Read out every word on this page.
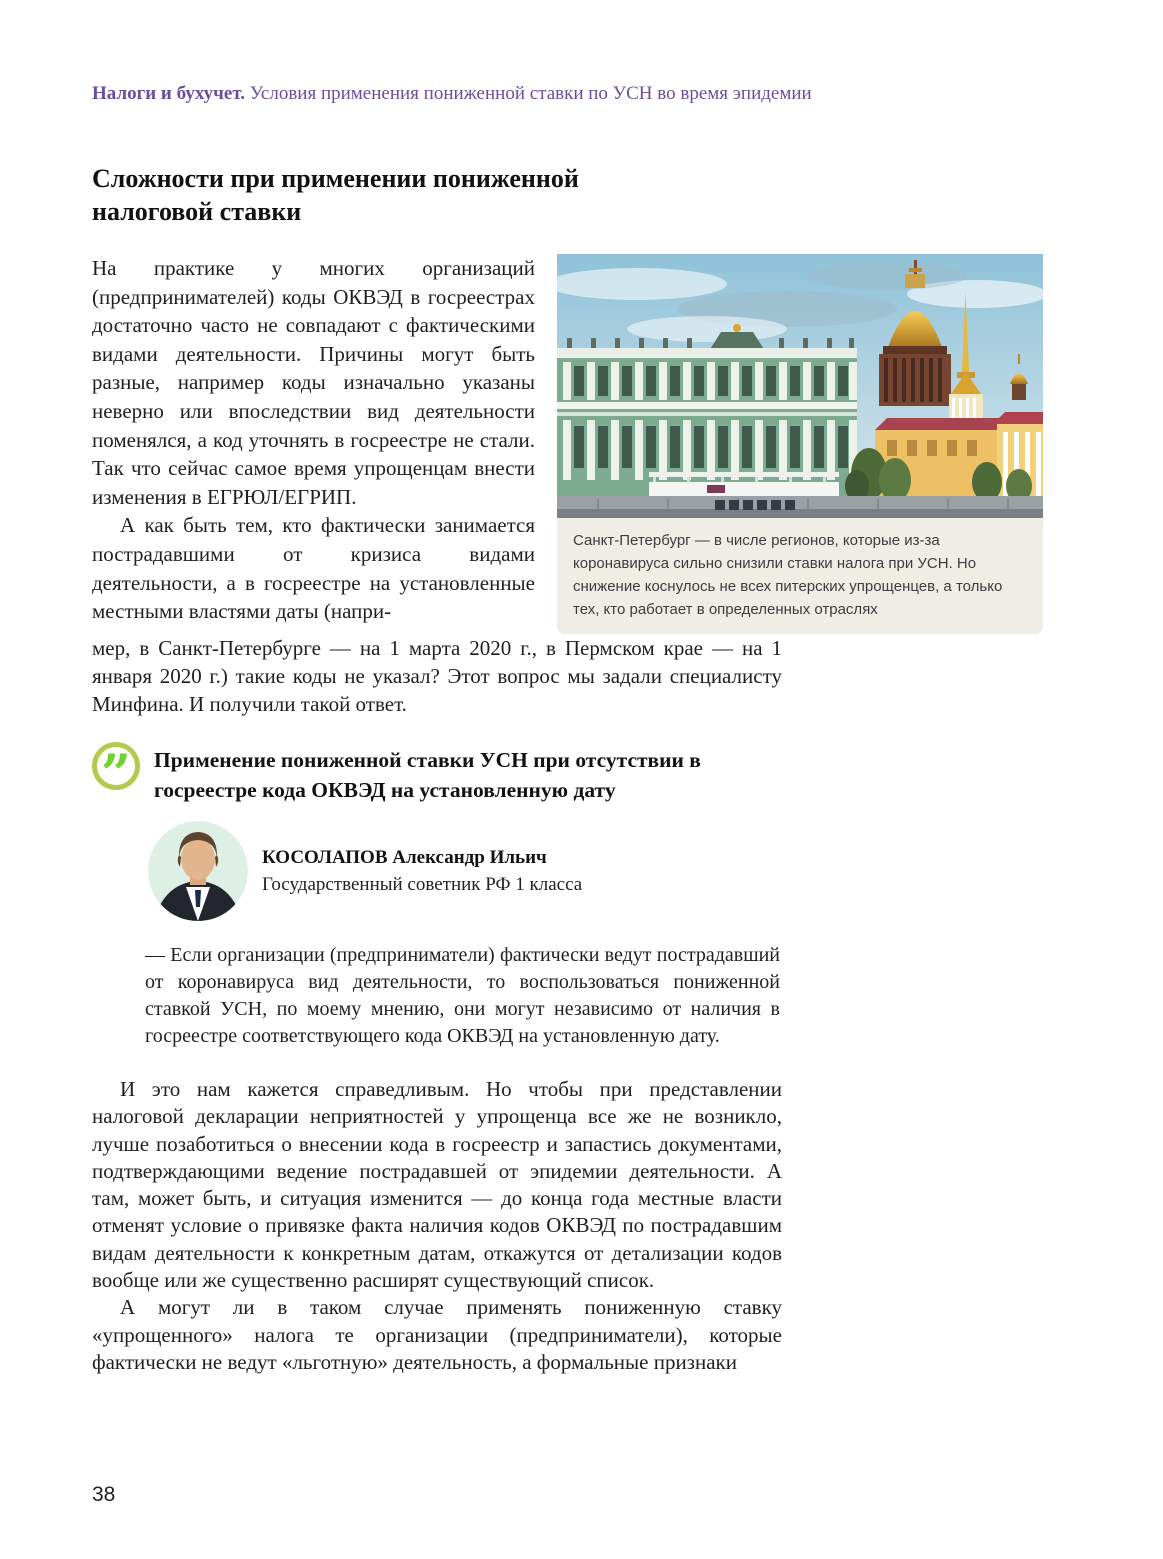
Налоги и бухучет. Условия применения пониженной ставки по УСН во время эпидемии
Сложности при применении пониженной налоговой ставки

На практике у многих организаций (предпринимателей) коды ОКВЭД в госреестрах достаточно часто не совпадают с фактическими видами деятельности. Причины могут быть разные, например коды изначально указаны неверно или впоследствии вид деятельности поменялся, а код уточнять в госреестре не стали. Так что сейчас самое время упрощенцам внести изменения в ЕГРЮЛ/ЕГРИП.

А как быть тем, кто фактически занимается пострадавшими от кризиса видами деятельности, а в госреестре на установленные местными властями даты (напри-

Санкт-Петербург — в числе регионов, которые из-за коронавируса сильно снизили ставки налога при УСН. Но снижение коснулось не всех питерских упрощенцев, а только тех, кто работает в определенных отраслях

мер, в Санкт-Петербурге — на 1 марта 2020 г., в Пермском крае — на 1 января 2020 г.) такие коды не указал? Этот вопрос мы задали специалисту Минфина. И получили такой ответ.

” Применение пониженной ставки УСН при отсутствии в госреестре кода ОКВЭД на установленную дату
КОСОЛАПОВ Александр Ильич
Государственный советник РФ 1 класса

— Если организации (предприниматели) фактически ведут пострадавший от коронавируса вид деятельности, то воспользоваться пониженной ставкой УСН, по моему мнению, они могут независимо от наличия в госреестре соответствующего кода ОКВЭД на установленную дату.

И это нам кажется справедливым. Но чтобы при представлении налоговой декларации неприятностей у упрощенца все же не возникло, лучше позаботиться о внесении кода в госреестр и запастись документами, подтверждающими ведение пострадавшей от эпидемии деятельности. А там, может быть, и ситуация изменится — до конца года местные власти отменят условие о привязке факта наличия кодов ОКВЭД по пострадавшим видам деятельности к конкретным датам, откажутся от детализации кодов вообще или же существенно расширят существующий список.

А могут ли в таком случае применять пониженную ставку «упрощенного» налога те организации (предприниматели), которые фактически не ведут «льготную» деятельность, а формальные признаки

38
